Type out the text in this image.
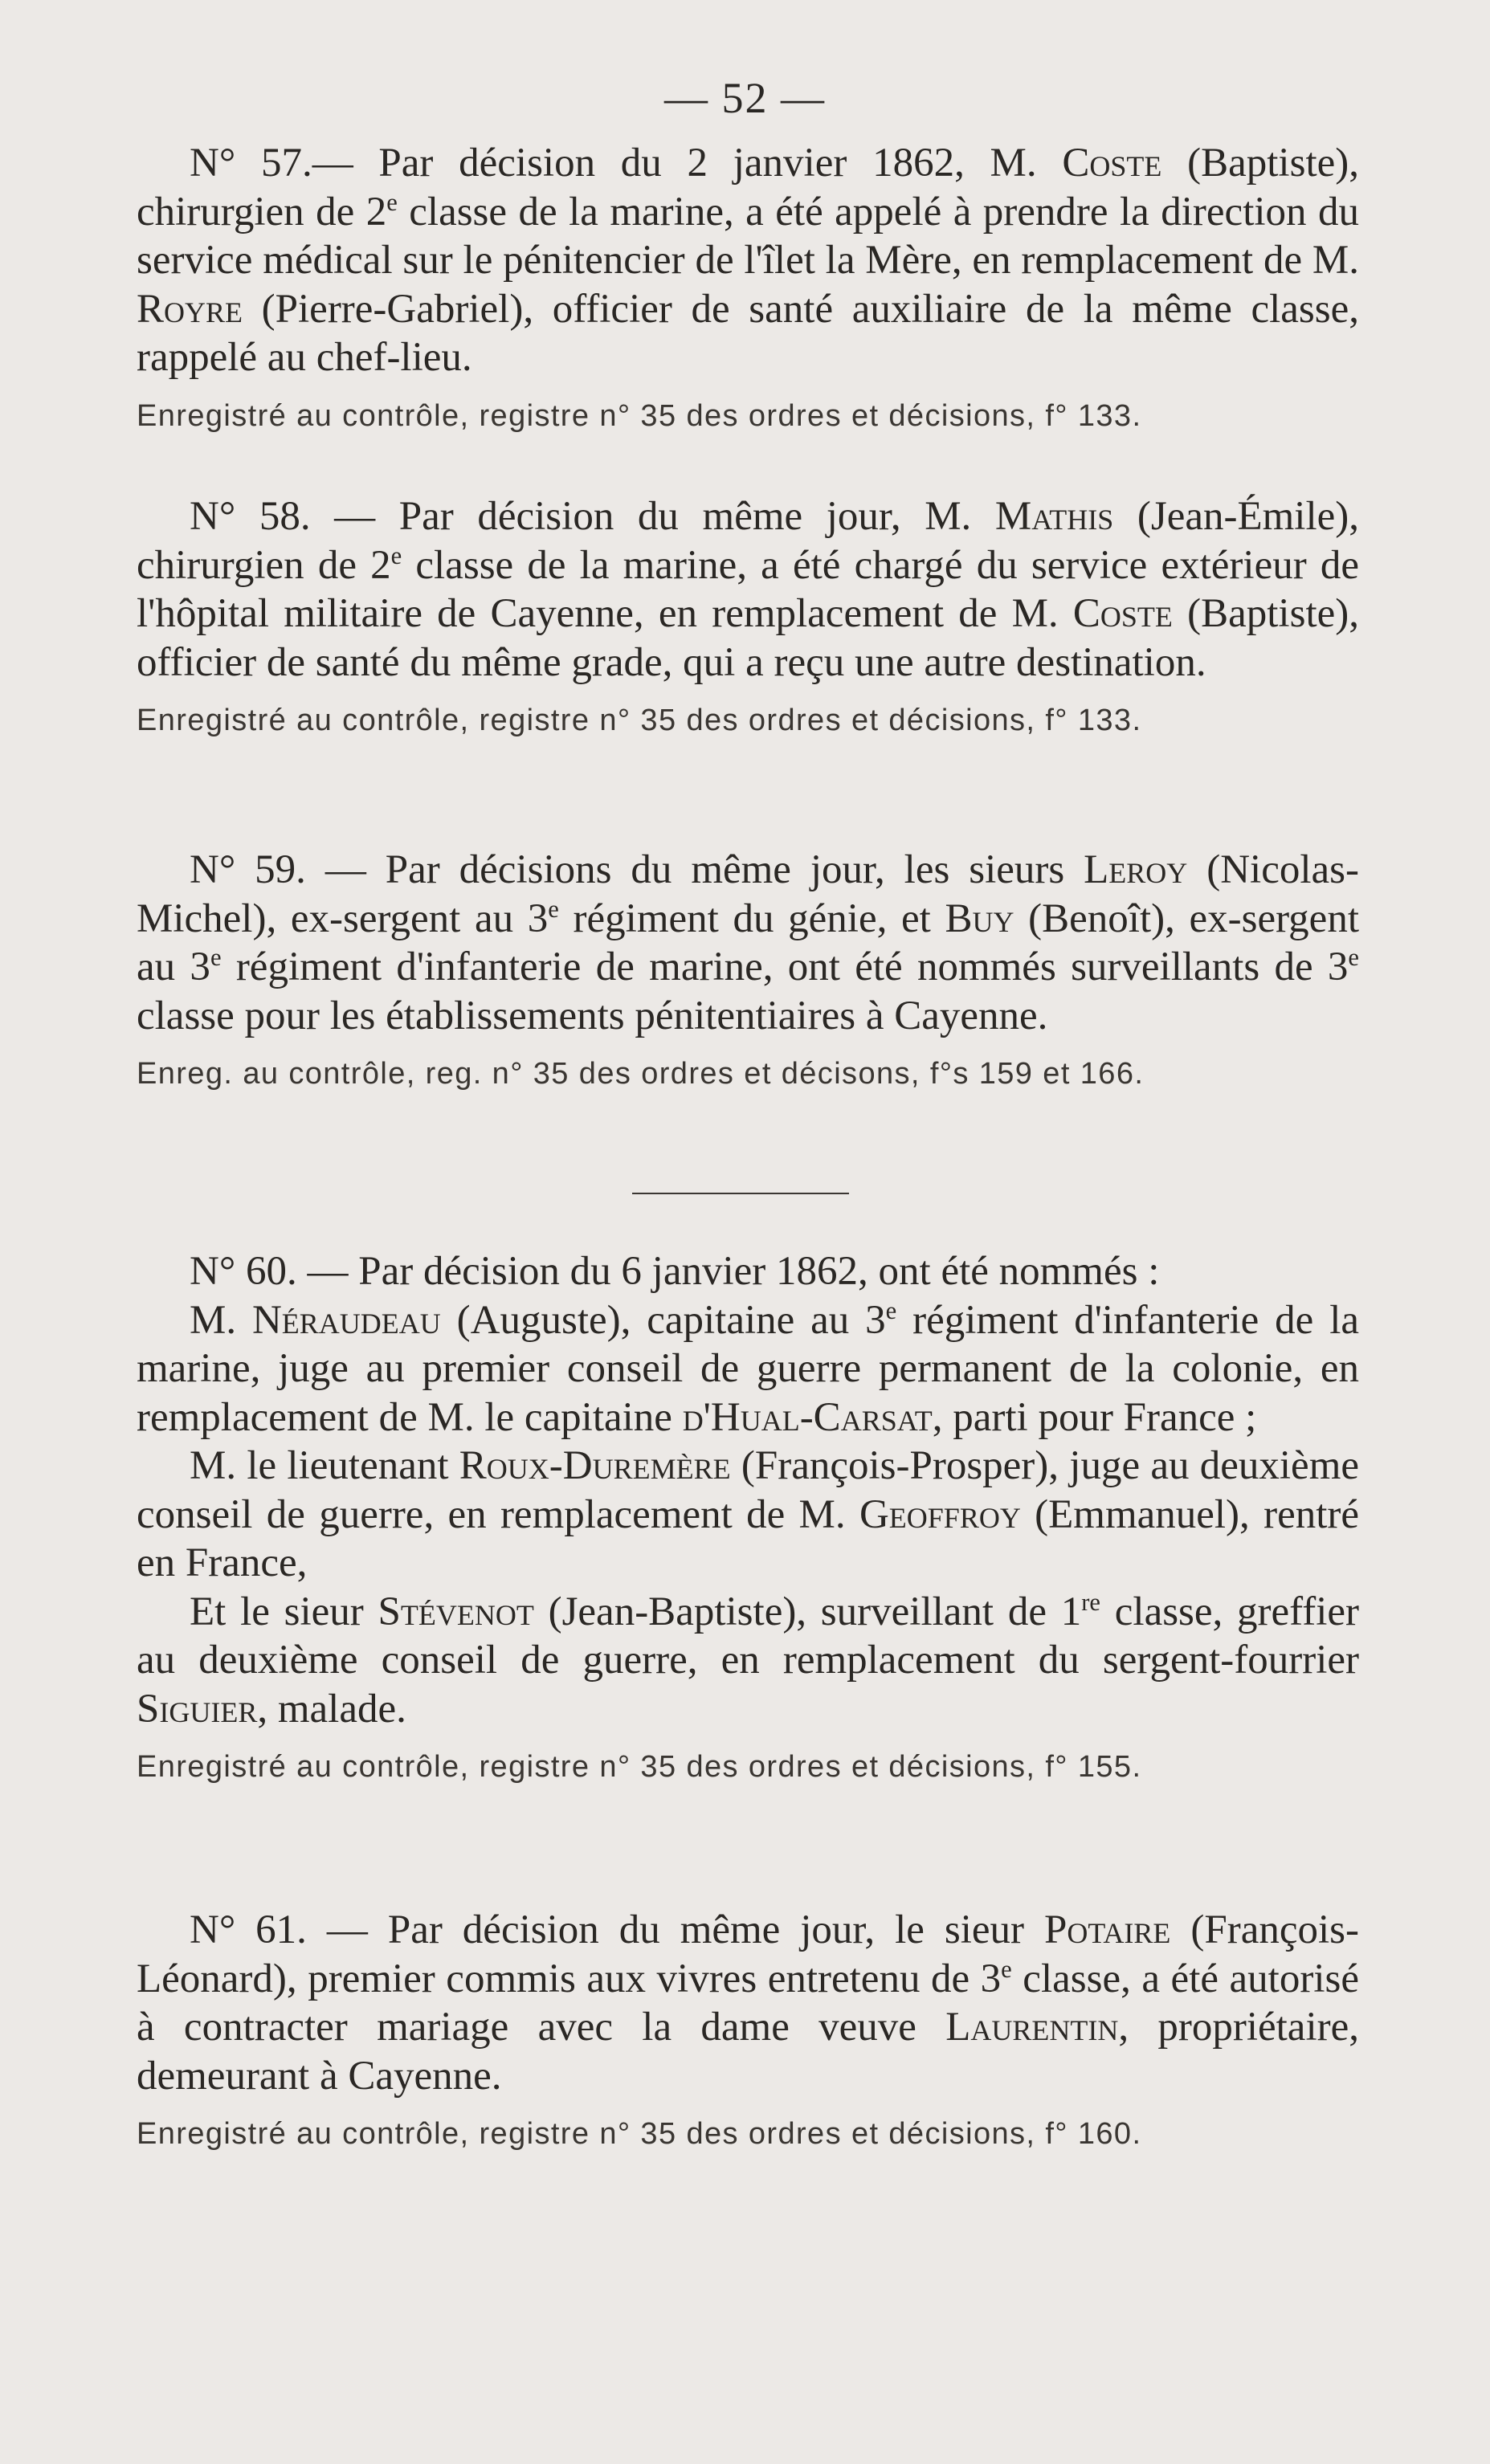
— 52 —

N° 57.— Par décision du 2 janvier 1862, M. Coste (Baptiste), chirurgien de 2e classe de la marine, a été appelé à prendre la direction du service médical sur le pénitencier de l'îlet la Mère, en remplacement de M. Royre (Pierre-Gabriel), officier de santé auxiliaire de la même classe, rappelé au chef-lieu.

Enregistré au contrôle, registre n° 35 des ordres et décisions, f° 133.

N° 58. — Par décision du même jour, M. Mathis (Jean-Émile), chirurgien de 2e classe de la marine, a été chargé du service extérieur de l'hôpital militaire de Cayenne, en remplacement de M. Coste (Baptiste), officier de santé du même grade, qui a reçu une autre destination.

Enregistré au contrôle, registre n° 35 des ordres et décisions, f° 133.

N° 59. — Par décisions du même jour, les sieurs Leroy (Nicolas-Michel), ex-sergent au 3e régiment du génie, et Buy (Benoît), ex-sergent au 3e régiment d'infanterie de marine, ont été nommés surveillants de 3e classe pour les établissements pénitentiaires à Cayenne.

Enreg. au contrôle, reg. n° 35 des ordres et décisons, f°s 159 et 166.

N° 60. — Par décision du 6 janvier 1862, ont été nommés :

M. Néraudeau (Auguste), capitaine au 3e régiment d'infanterie de la marine, juge au premier conseil de guerre permanent de la colonie, en remplacement de M. le capitaine d'Hual-Carsat, parti pour France ;

M. le lieutenant Roux-Duremère (François-Prosper), juge au deuxième conseil de guerre, en remplacement de M. Geoffroy (Emmanuel), rentré en France,

Et le sieur Stévenot (Jean-Baptiste), surveillant de 1re classe, greffier au deuxième conseil de guerre, en remplacement du sergent-fourrier Siguier, malade.

Enregistré au contrôle, registre n° 35 des ordres et décisions, f° 155.

N° 61. — Par décision du même jour, le sieur Potaire (François-Léonard), premier commis aux vivres entretenu de 3e classe, a été autorisé à contracter mariage avec la dame veuve Laurentin, propriétaire, demeurant à Cayenne.

Enregistré au contrôle, registre n° 35 des ordres et décisions, f° 160.
